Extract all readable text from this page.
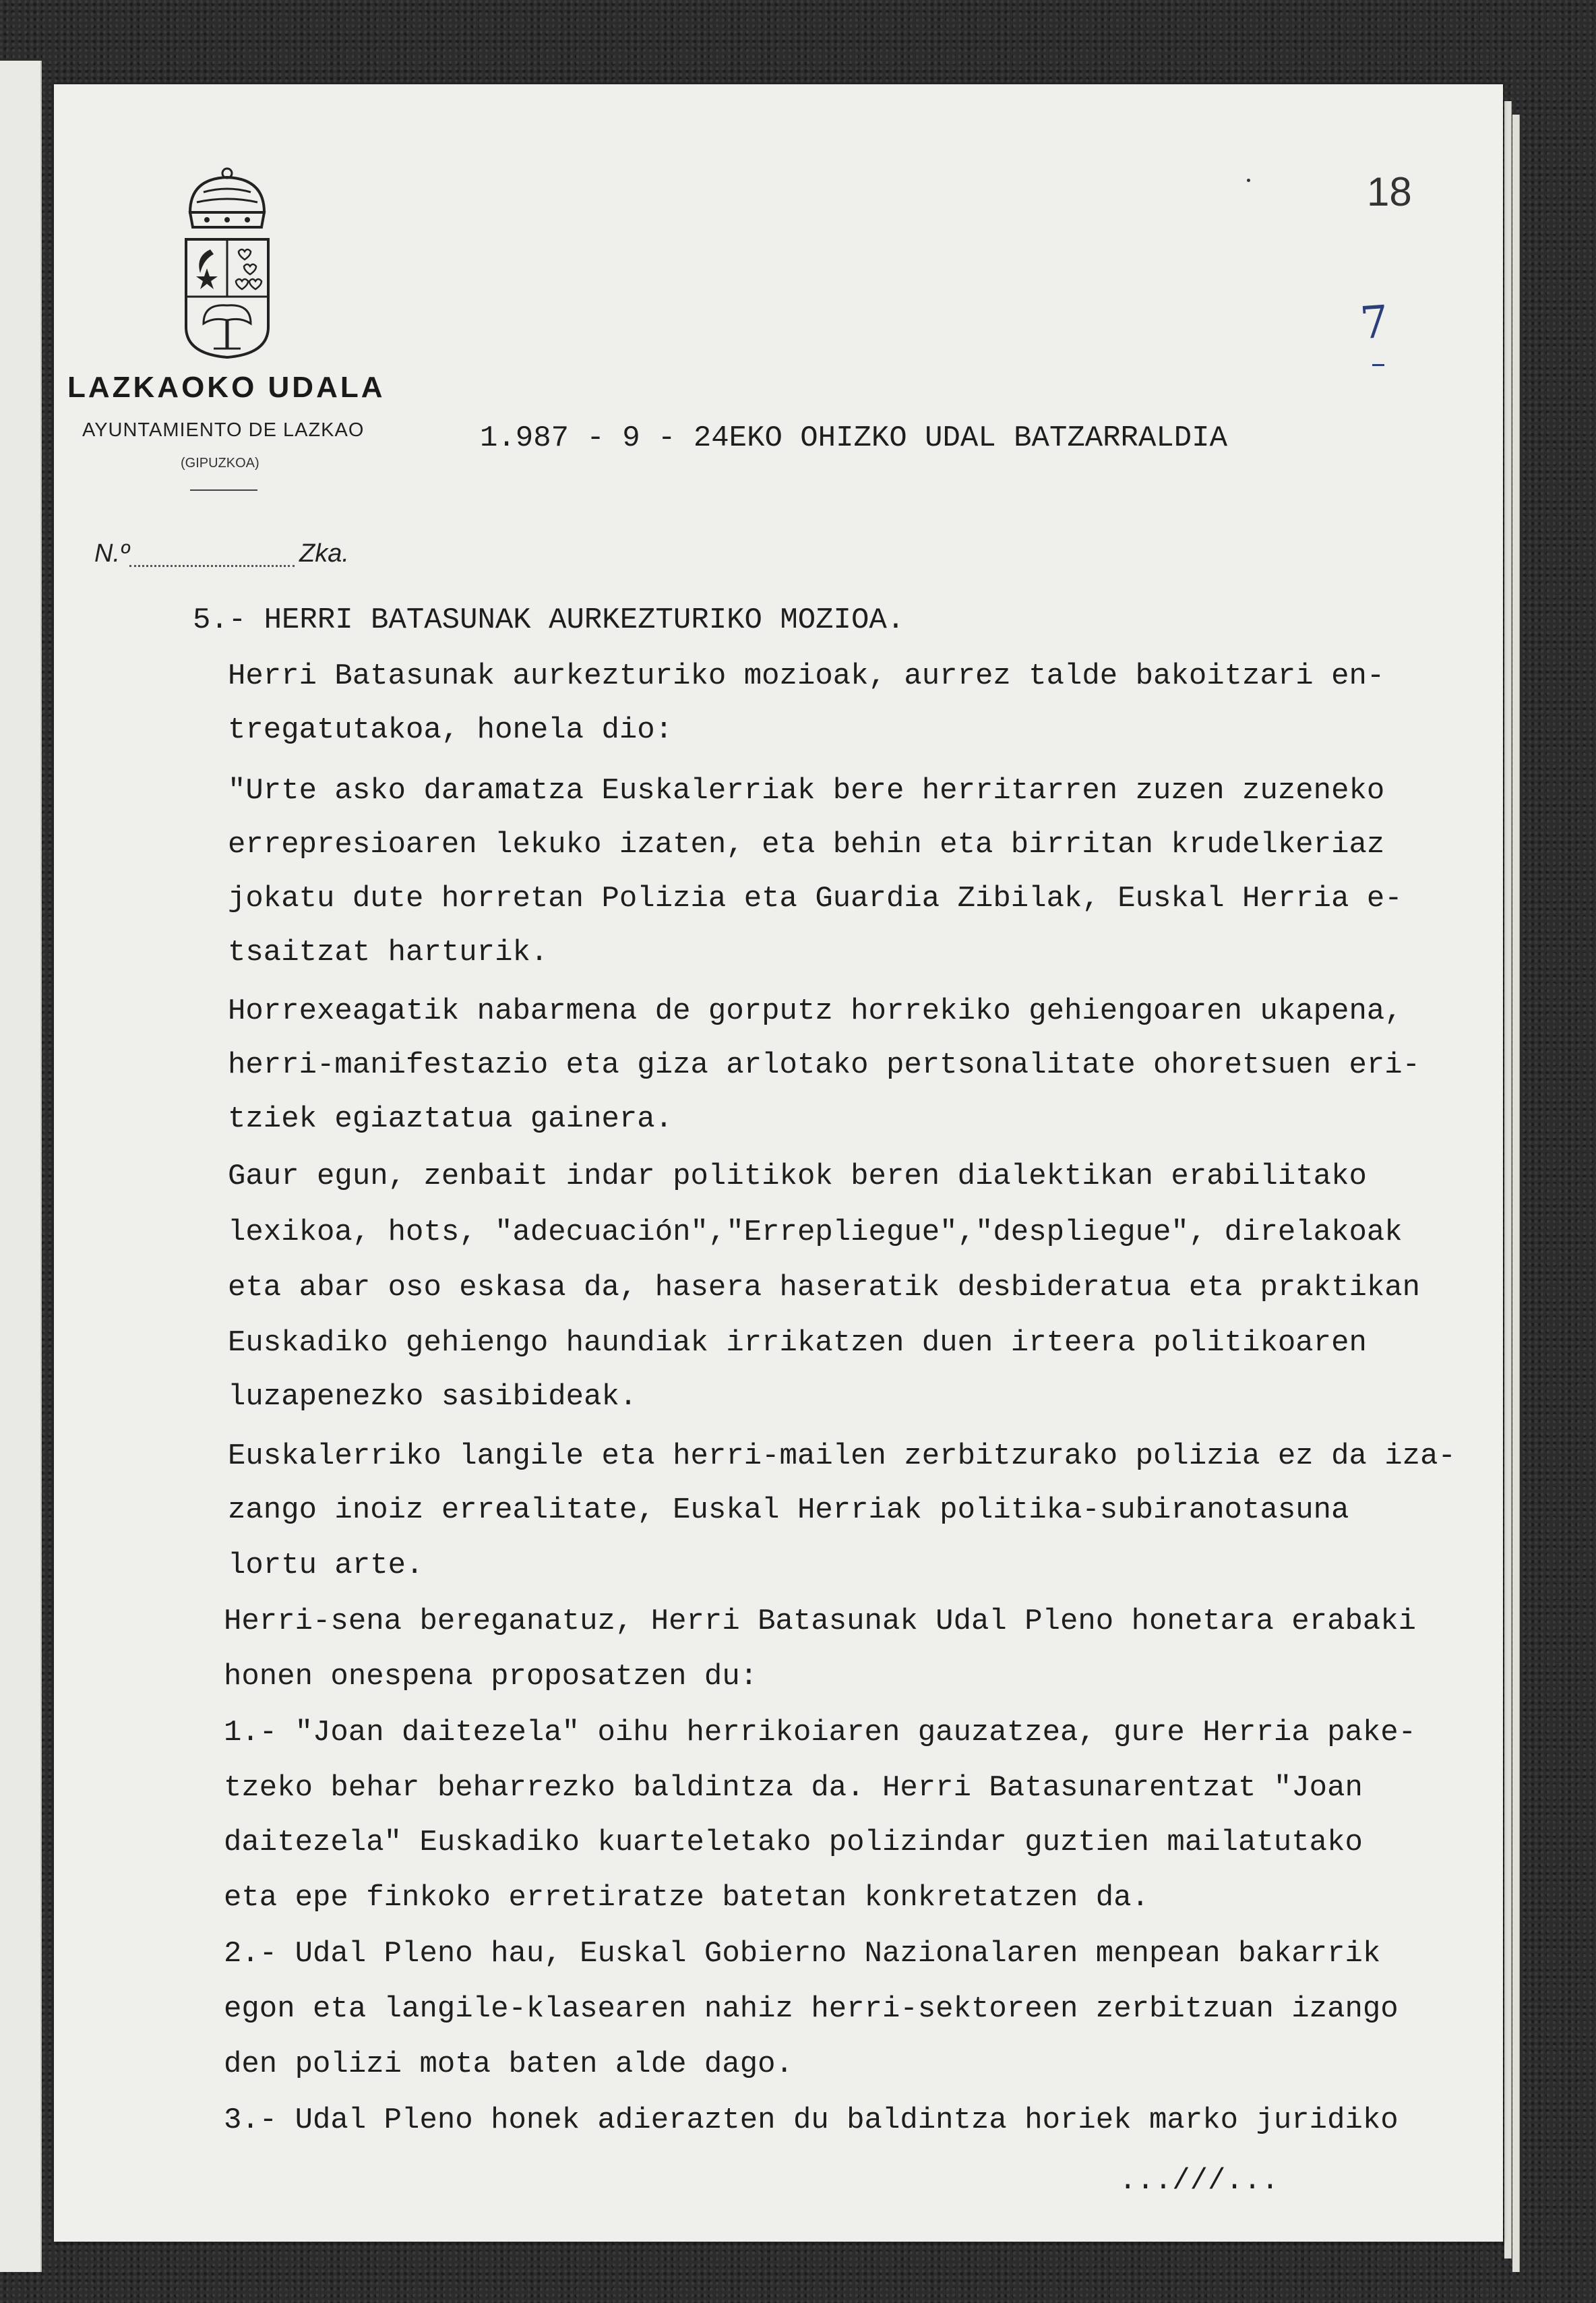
LAZKAOKO UDALA
AYUNTAMIENTO DE LAZKAO
(GIPUZKOA)
N.º	Zka.
18
7
1.987 - 9 - 24EKO OHIZKO UDAL BATZARRALDIA
5.- HERRI BATASUNAK AURKEZTURIKO MOZIOA.
Herri Batasunak aurkezturiko mozioak, aurrez talde bakoitzari en-
tregatutakoa, honela dio:
"Urte asko daramatza Euskalerriak bere herritarren zuzen zuzeneko
errepresioaren lekuko izaten, eta behin eta birritan krudelkeriaz
jokatu dute horretan Polizia eta Guardia Zibilak, Euskal Herria e-
tsaitzat harturik.
Horrexeagatik nabarmena de gorputz horrekiko gehiengoaren ukapena,
herri-manifestazio eta giza arlotako pertsonalitate ohoretsuen eri-
tziek egiaztatua gainera.
Gaur egun, zenbait indar politikok beren dialektikan erabilitako
lexikoa, hots, "adecuación","Errepliegue","despliegue", direlakoak
eta abar oso eskasa da, hasera haseratik desbideratua eta praktikan
Euskadiko gehiengo haundiak irrikatzen duen irteera politikoaren
luzapenezko sasibideak.
Euskalerriko langile eta herri-mailen zerbitzurako polizia ez da iza-
zango inoiz errealitate, Euskal Herriak politika-subiranotasuna
lortu arte.
Herri-sena bereganatuz, Herri Batasunak Udal Pleno honetara erabaki
honen onespena proposatzen du:
1.- "Joan daitezela" oihu herrikoiaren gauzatzea, gure Herria pake-
tzeko behar beharrezko baldintza da. Herri Batasunarentzat "Joan
daitezela" Euskadiko kuarteletako polizindar guztien mailatutako
eta epe finkoko erretiratze batetan konkretatzen da.
2.- Udal Pleno hau, Euskal Gobierno Nazionalaren menpean bakarrik
egon eta langile-klasearen nahiz herri-sektoreen zerbitzuan izango
den polizi mota baten alde dago.
3.- Udal Pleno honek adierazten du baldintza horiek marko juridiko
...///...
